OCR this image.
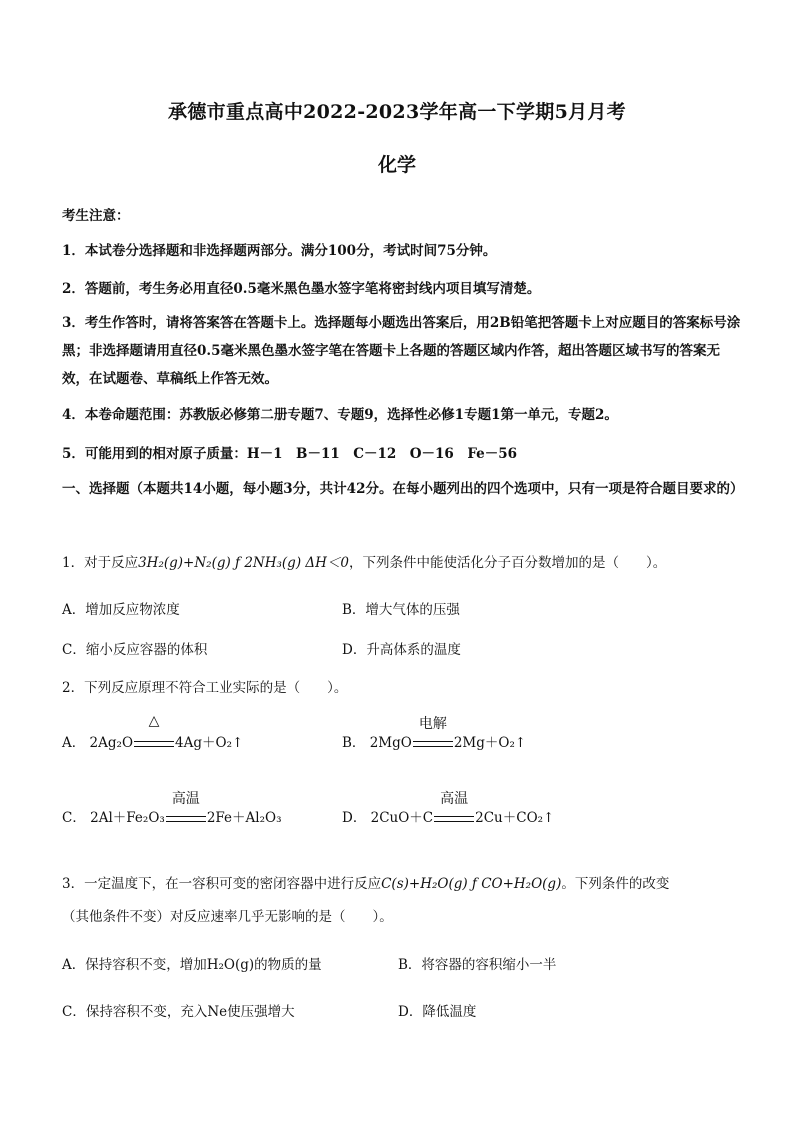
承德市重点高中2022-2023学年高一下学期5月月考
化学
考生注意：
1．本试卷分选择题和非选择题两部分。满分100分，考试时间75分钟。
2．答题前，考生务必用直径0.5毫米黑色墨水签字笔将密封线内项目填写清楚。
3．考生作答时，请将答案答在答题卡上。选择题每小题选出答案后，用2B铅笔把答题卡上对应题目的答案标号涂黑；非选择题请用直径0.5毫米黑色墨水签字笔在答题卡上各题的答题区域内作答，超出答题区域书写的答案无效，在试题卷、草稿纸上作答无效。
4．本卷命题范围：苏教版必修第二册专题7、专题9，选择性必修1专题1第一单元，专题2。
5．可能用到的相对原子质量：H－1　B－11　C－12　O－16　Fe－56
一、选择题（本题共14小题，每小题3分，共计42分。在每小题列出的四个选项中，只有一项是符合题目要求的）
1．对于反应3H₂(g)+N₂(g) ƒ 2NH₃(g) ΔH＜0，下列条件中能使活化分子百分数增加的是（　　）。
A．增加反应物浓度	B．增大气体的压强
C．缩小反应容器的体积	D．升高体系的温度
2．下列反应原理不符合工业实际的是（　　）。
A． 2Ag₂O
△
4Ag＋O₂↑	B． 2MgO
电解
2Mg＋O₂↑
C． 2Al＋Fe₂O₃
高温
2Fe＋Al₂O₃	D． 2CuO＋C
高温
2Cu＋CO₂↑
3．一定温度下，在一容积可变的密闭容器中进行反应C(s)+H₂O(g) ƒ CO+H₂O(g)。下列条件的改变
（其他条件不变）对反应速率几乎无影响的是（　　）。
A．保持容积不变，增加H₂O(g)的物质的量	B．将容器的容积缩小一半
C．保持容积不变，充入Ne使压强增大	D．降低温度
